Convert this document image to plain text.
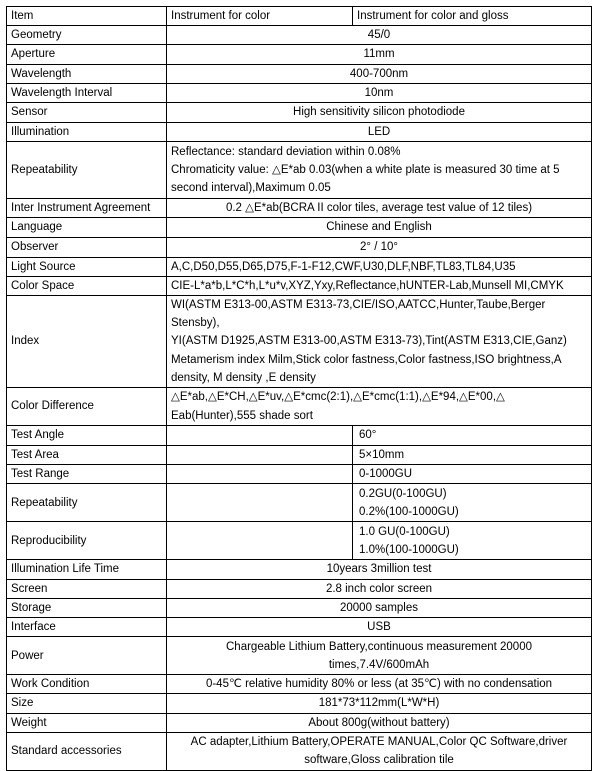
Item	Instrument for color	Instrument for color and gloss
Geometry	45/0	
Aperture	11mm	
Wavelength	400-700nm	
Wavelength Interval	10nm	
Sensor	High sensitivity silicon photodiode	
Illumination	LED	
Repeatability	Reflectance: standard deviation within 0.08%
Chromaticity value: △E*ab 0.03(when a white plate is measured 30 time at 5
second interval),Maximum 0.05	

Inter Instrument Agreement	0.2 △E*ab(BCRA II color tiles, average test value of 12 tiles)	
Language	Chinese and English	
Observer	2° / 10°	
Light Source	A,C,D50,D55,D65,D75,F-1-F12,CWF,U30,DLF,NBF,TL83,TL84,U35	
Color Space	CIE-L*a*b,L*C*h,L*u*v,XYZ,Yxy,Reflectance,hUNTER-Lab,Munsell MI,CMYK	
Index	WI(ASTM E313-00,ASTM E313-73,CIE/ISO,AATCC,Hunter,Taube,Berger Stensby),
YI(ASTM D1925,ASTM E313-00,ASTM E313-73),Tint(ASTM E313,CIE,Ganz)
Metamerism index Milm,Stick color fastness,Color fastness,ISO brightness,A
density, M density ,E density	

Color Difference	△E*ab,△E*CH,△E*uv,△E*cmc(2:1),△E*cmc(1:1),△E*94,△E*00,△
Eab(Hunter),555 shade sort	

Test Angle		60°
Test Area		5×10mm
Test Range		0-1000GU
Repeatability		0.2GU(0-100GU)
0.2%(100-1000GU)

Reproducibility		1.0 GU(0-100GU)
1.0%(100-1000GU)

Illumination Life Time	10years 3million test	
Screen	2.8 inch color screen	
Storage	20000 samples	
Interface	USB	
Power	Chargeable Lithium Battery,continuous measurement 20000
times,7.4V/600mAh	

Work Condition	0-45℃ relative humidity 80% or less (at 35℃) with no condensation	
Size	181*73*112mm(L*W*H)	
Weight	About 800g(without battery)	
Standard accessories	AC adapter,Lithium Battery,OPERATE MANUAL,Color QC Software,driver
software,Gloss calibration tile	
